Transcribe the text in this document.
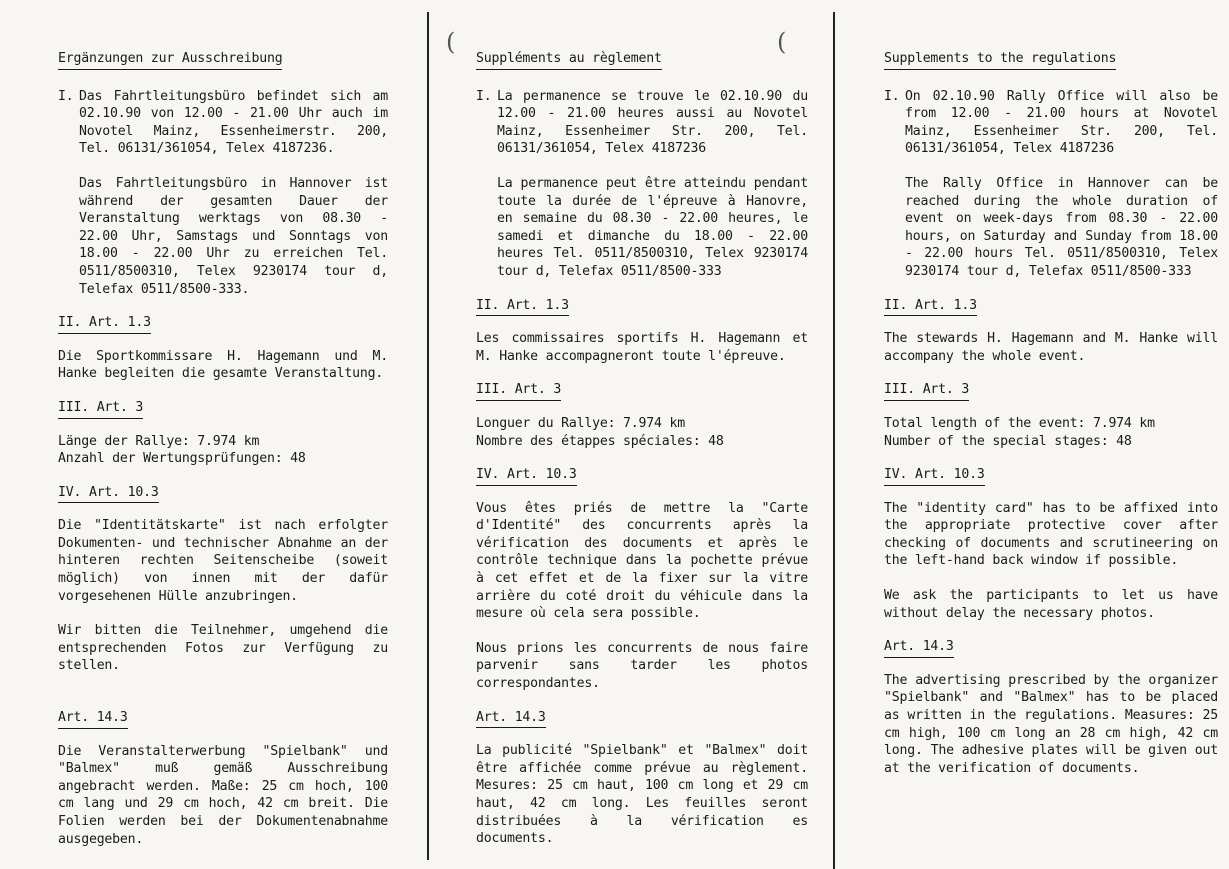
(	(
Ergänzungen zur Ausschreibung
I. Das Fahrtleitungsbüro befindet sich am 02.10.90 von 12.00 - 21.00 Uhr auch im Novotel Mainz, Essenheimerstr. 200, Tel. 06131/361054, Telex 4187236.

Das Fahrtleitungsbüro in Hannover ist während der gesamten Dauer der Veranstaltung werktags von 08.30 - 22.00 Uhr, Samstags und Sonntags von 18.00 - 22.00 Uhr zu erreichen Tel. 0511/8500310, Telex 9230174 tour d, Telefax 0511/8500-333.

II. Art. 1.3

Die Sportkommissare H. Hagemann und M. Hanke begleiten die gesamte Veranstaltung.

III. Art. 3

Länge der Rallye: 7.974 km

Anzahl der Wertungsprüfungen: 48

IV. Art. 10.3

Die "Identitätskarte" ist nach erfolgter Dokumenten- und technischer Abnahme an der hinteren rechten Seitenscheibe (soweit möglich) von innen mit der dafür vorgesehenen Hülle anzubringen.

Wir bitten die Teilnehmer, umgehend die entsprechenden Fotos zur Verfügung zu stellen.

Art. 14.3

Die Veranstalterwerbung "Spielbank" und "Balmex" muß gemäß Ausschreibung angebracht werden. Maße: 25 cm hoch, 100 cm lang und 29 cm hoch, 42 cm breit. Die Folien werden bei der Dokumentenabnahme ausgegeben.

Suppléments au règlement
I. La permanence se trouve le 02.10.90 du 12.00 - 21.00 heures aussi au Novotel Mainz, Essenheimer Str. 200, Tel. 06131/361054, Telex 4187236

La permanence peut être atteindu pendant toute la durée de l'épreuve à Hanovre, en semaine du 08.30 - 22.00 heures, le samedi et dimanche du 18.00 - 22.00 heures Tel. 0511/8500310, Telex 9230174 tour d, Telefax 0511/8500-333

II. Art. 1.3

Les commissaires sportifs H. Hagemann et M. Hanke accompagneront toute l'épreuve.

III. Art. 3

Longuer du Rallye: 7.974 km

Nombre des étappes spéciales: 48

IV. Art. 10.3

Vous êtes priés de mettre la "Carte d'Identité" des concurrents après la vérification des documents et après le contrôle technique dans la pochette prévue à cet effet et de la fixer sur la vitre arrière du coté droit du véhicule dans la mesure où cela sera possible.

Nous prions les concurrents de nous faire parvenir sans tarder les photos correspondantes.

Art. 14.3

La publicité "Spielbank" et "Balmex" doit être affichée comme prévue au règlement. Mesures: 25 cm haut, 100 cm long et 29 cm haut, 42 cm long. Les feuilles seront distribuées à la vérification es documents.

Supplements to the regulations
I. On 02.10.90 Rally Office will also be from 12.00 - 21.00 hours at Novotel Mainz, Essenheimer Str. 200, Tel. 06131/361054, Telex 4187236

The Rally Office in Hannover can be reached during the whole duration of event on week-days from 08.30 - 22.00 hours, on Saturday and Sunday from 18.00 - 22.00 hours Tel. 0511/8500310, Telex 9230174 tour d, Telefax 0511/8500-333

II. Art. 1.3

The stewards H. Hagemann and M. Hanke will accompany the whole event.

III. Art. 3

Total length of the event: 7.974 km

Number of the special stages: 48

IV. Art. 10.3

The "identity card" has to be affixed into the appropriate protective cover after checking of documents and scrutineering on the left-hand back window if possible.

We ask the participants to let us have without delay the necessary photos.

Art. 14.3

The advertising prescribed by the organizer "Spielbank" and "Balmex" has to be placed as written in the regulations. Measures: 25 cm high, 100 cm long an 28 cm high, 42 cm long. The adhesive plates will be given out at the verification of documents.
